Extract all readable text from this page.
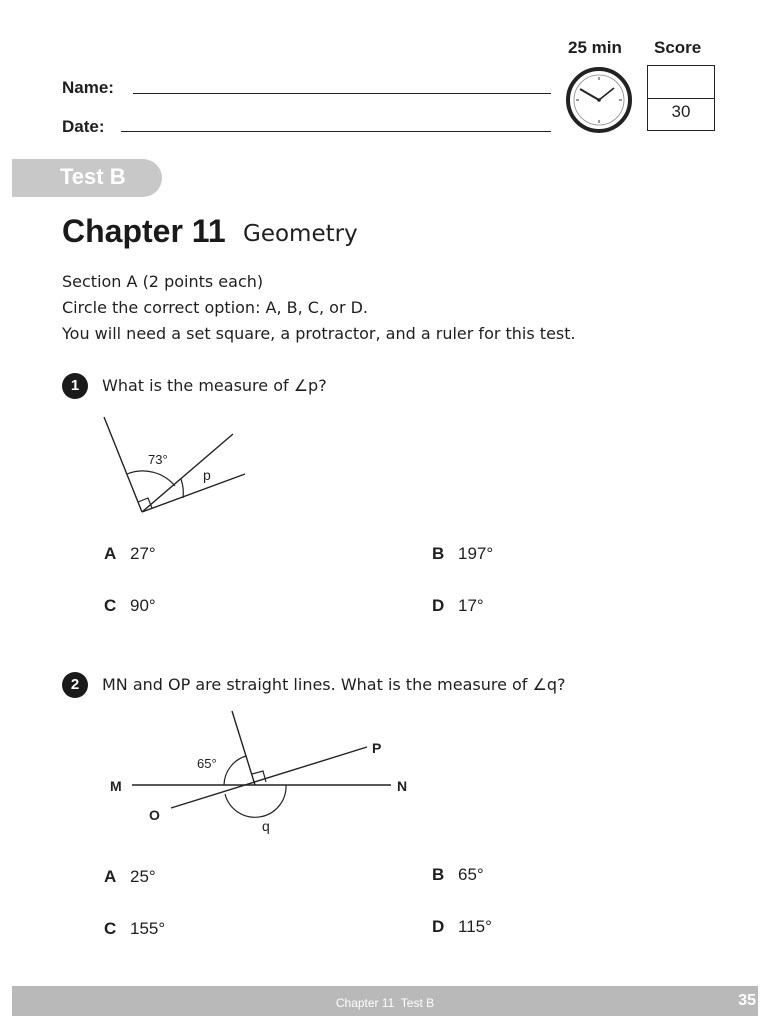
25 min Score
Name:
Date:
30
Test B
Chapter 11 Geometry
Section A (2 points each)
Circle the correct option: A, B, C, or D.
You will need a set square, a protractor, and a ruler for this test.
1	What is the measure of ∠p?
73°
p
A 27°	B 197°
C 90°	D 17°
2	MN and OP are straight lines. What is the measure of ∠q?
65°
q
M	N
O
P
A 25°	B 65°
C 155°	D 115°
Chapter 11  Test B	35
